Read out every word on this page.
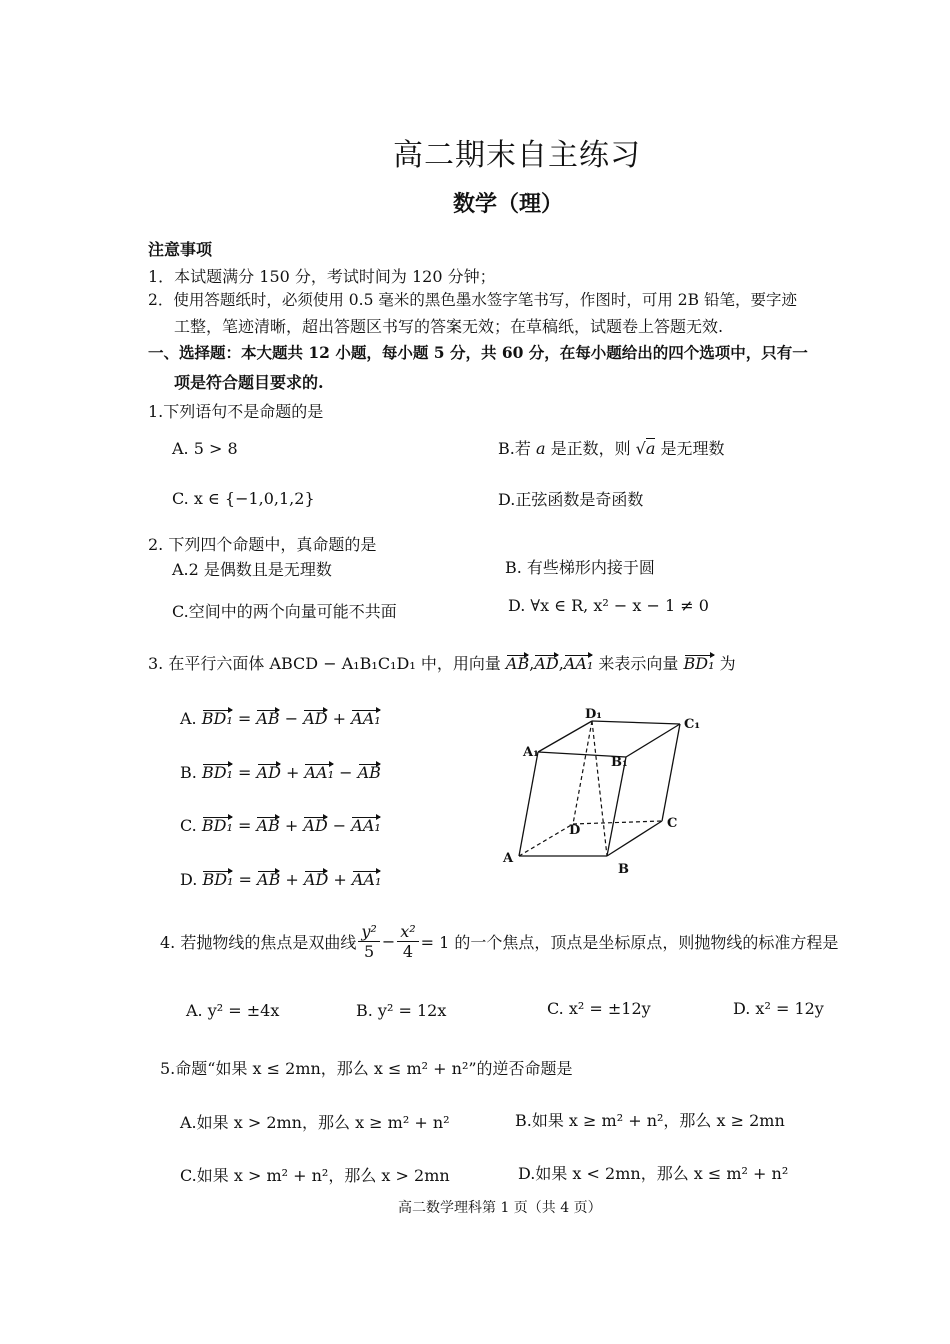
高二期末自主练习
数学（理）
注意事项
1．本试题满分 150 分，考试时间为 120 分钟；
2．使用答题纸时，必须使用 0.5 毫米的黑色墨水签字笔书写，作图时，可用 2B 铅笔，要字迹
工整，笔迹清晰，超出答题区书写的答案无效；在草稿纸，试题卷上答题无效.
一、选择题：本大题共 12 小题，每小题 5 分，共 60 分，在每小题给出的四个选项中，只有一
项是符合题目要求的.
1.下列语句不是命题的是
A. 5 > 8	B.若 a 是正数，则 √a 是无理数
C. x ∈ {−1,0,1,2}	D.正弦函数是奇函数
2. 下列四个命题中，真命题的是
A.2 是偶数且是无理数	B. 有些梯形内接于圆
C.空间中的两个向量可能不共面	D. ∀x ∈ R, x² − x − 1 ≠ 0
3. 在平行六面体 ABCD − A₁B₁C₁D₁ 中，用向量 AB,AD,AA₁ 来表示向量 BD₁ 为
A. BD₁ = AB − AD + AA₁
B. BD₁ = AD + AA₁ − AB
C. BD₁ = AB + AD − AA₁
D. BD₁ = AB + AD + AA₁
D₁
C₁
A₁
B₁
D	C
A
B
4. 若抛物线的焦点是双曲线 $\frac{\text{y²}}{5} - \frac{\text{x²}}{4} = 1$ 的一个焦点，顶点是坐标原点，则抛物线的标准方程是
A. y² = ±4x	B. y² = 12x	C. x² = ±12y	D. x² = 12y
5.命题“如果 x ≤ 2mn，那么 x ≤ m² + n²”的逆否命题是
A.如果 x > 2mn，那么 x ≥ m² + n²	B.如果 x ≥ m² + n²，那么 x ≥ 2mn
C.如果 x > m² + n²，那么 x > 2mn	D.如果 x < 2mn，那么 x ≤ m² + n²
高二数学理科第 1 页（共 4 页）
